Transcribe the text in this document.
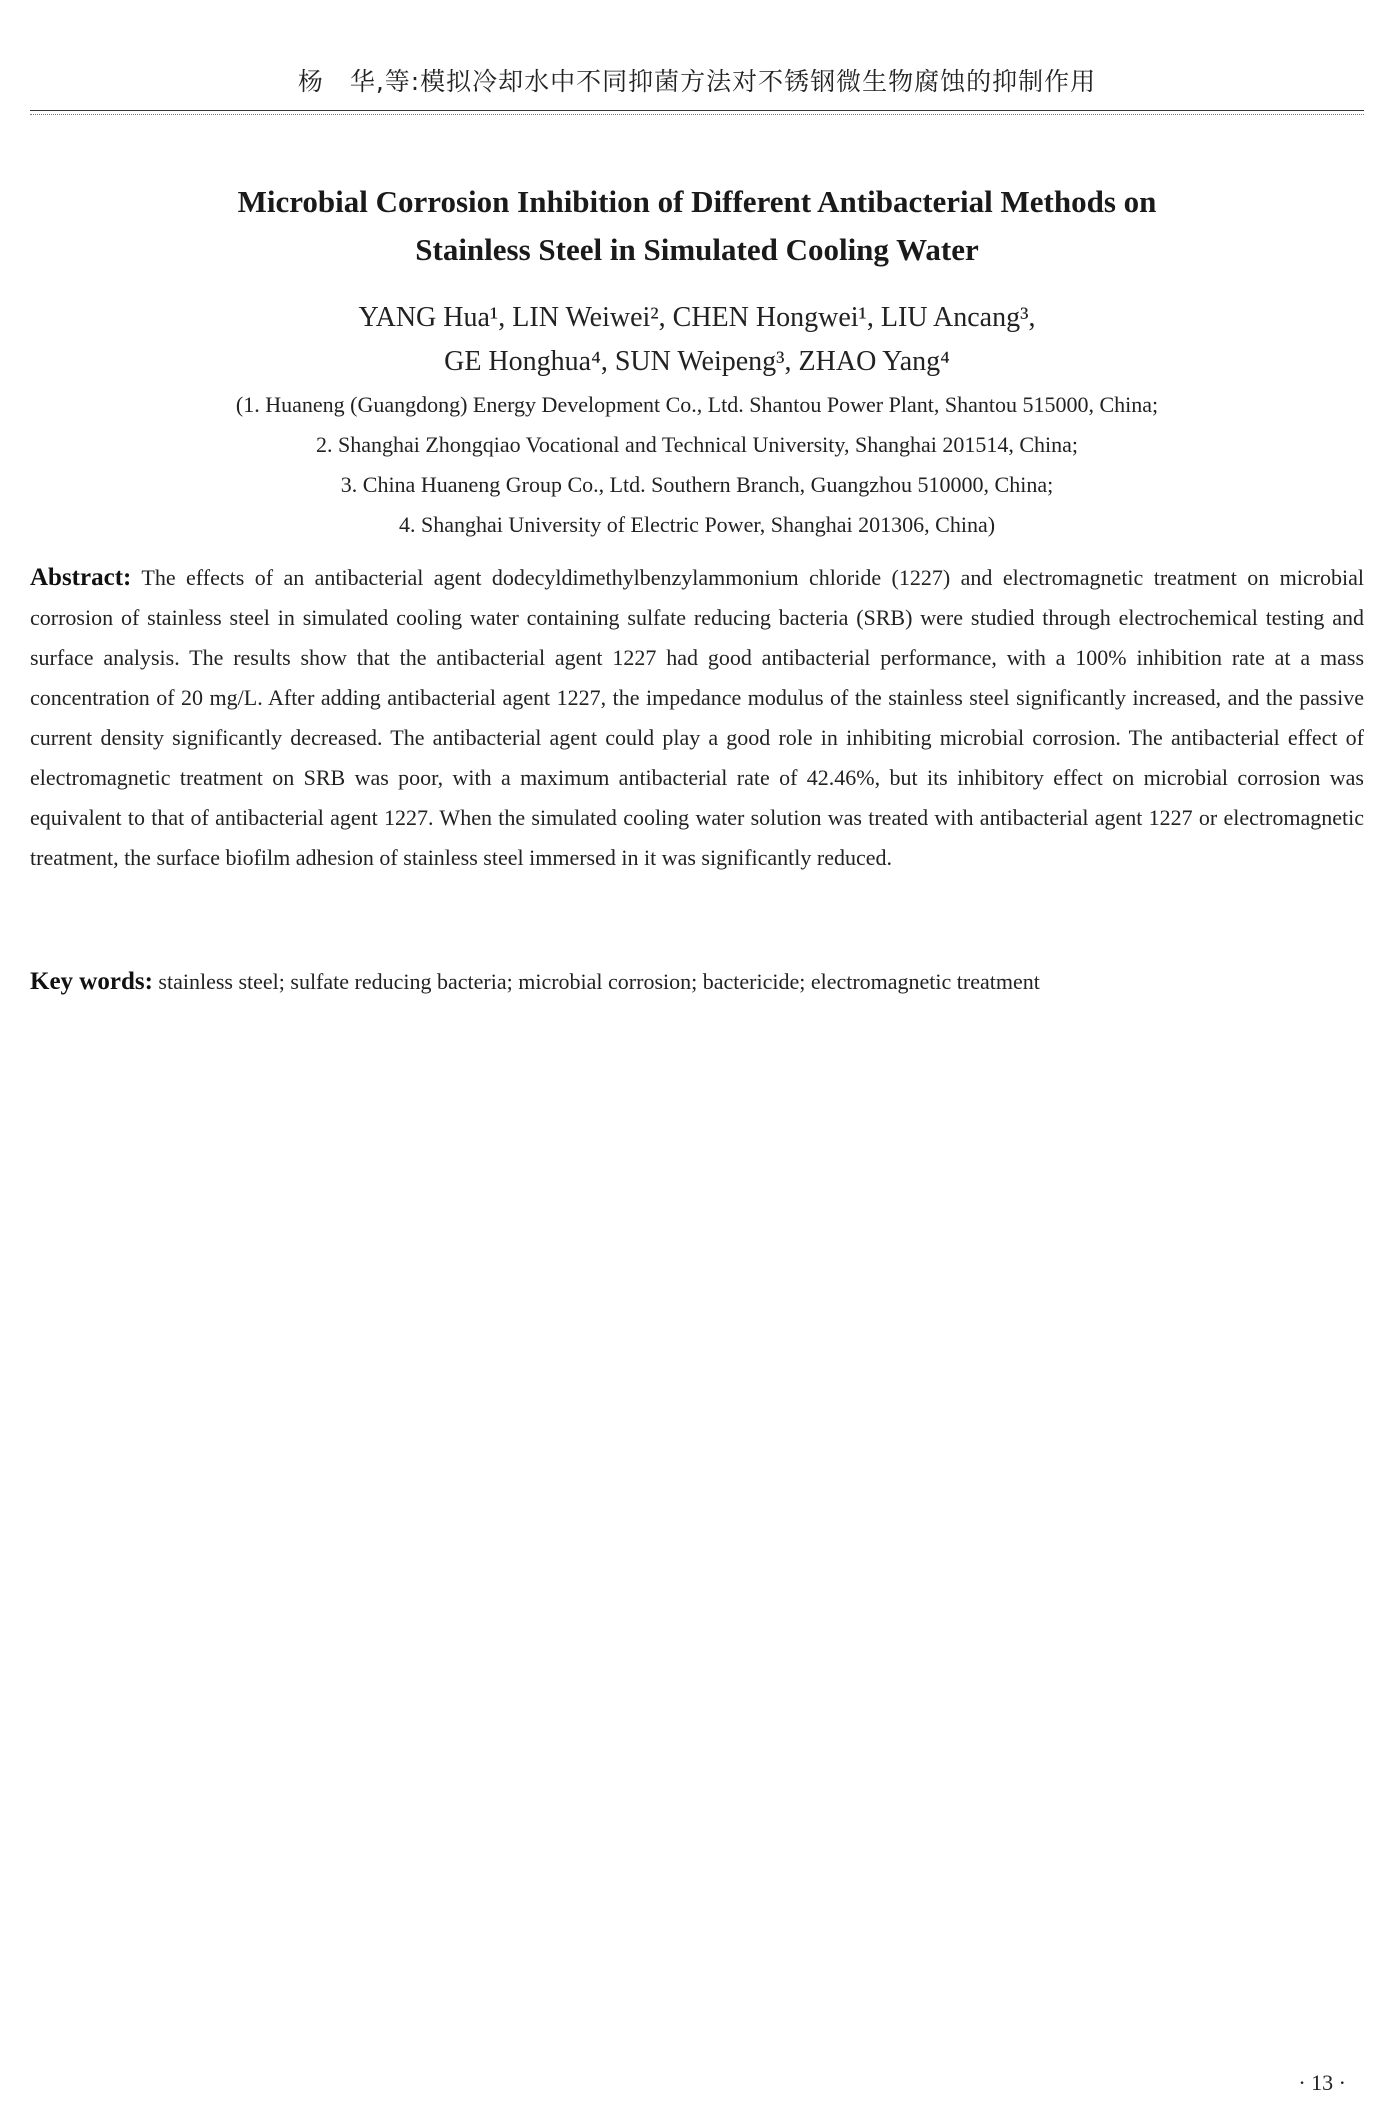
杨　华,等:模拟冷却水中不同抑菌方法对不锈钢微生物腐蚀的抑制作用
Microbial Corrosion Inhibition of Different Antibacterial Methods on
Stainless Steel in Simulated Cooling Water
YANG Hua¹, LIN Weiwei², CHEN Hongwei¹, LIU Ancang³,
GE Honghua⁴, SUN Weipeng³, ZHAO Yang⁴
(1. Huaneng (Guangdong) Energy Development Co., Ltd. Shantou Power Plant, Shantou 515000, China;
2. Shanghai Zhongqiao Vocational and Technical University, Shanghai 201514, China;
3. China Huaneng Group Co., Ltd. Southern Branch, Guangzhou 510000, China;
4. Shanghai University of Electric Power, Shanghai 201306, China)
Abstract: The effects of an antibacterial agent dodecyldimethylbenzylammonium chloride (1227) and electromagnetic treatment on microbial corrosion of stainless steel in simulated cooling water containing sulfate reducing bacteria (SRB) were studied through electrochemical testing and surface analysis. The results show that the antibacterial agent 1227 had good antibacterial performance, with a 100% inhibition rate at a mass concentration of 20 mg/L. After adding antibacterial agent 1227, the impedance modulus of the stainless steel significantly increased, and the passive current density significantly decreased. The antibacterial agent could play a good role in inhibiting microbial corrosion. The antibacterial effect of electromagnetic treatment on SRB was poor, with a maximum antibacterial rate of 42.46%, but its inhibitory effect on microbial corrosion was equivalent to that of antibacterial agent 1227. When the simulated cooling water solution was treated with antibacterial agent 1227 or electromagnetic treatment, the surface biofilm adhesion of stainless steel immersed in it was significantly reduced.
Key words: stainless steel; sulfate reducing bacteria; microbial corrosion; bactericide; electromagnetic treatment
· 13 ·
